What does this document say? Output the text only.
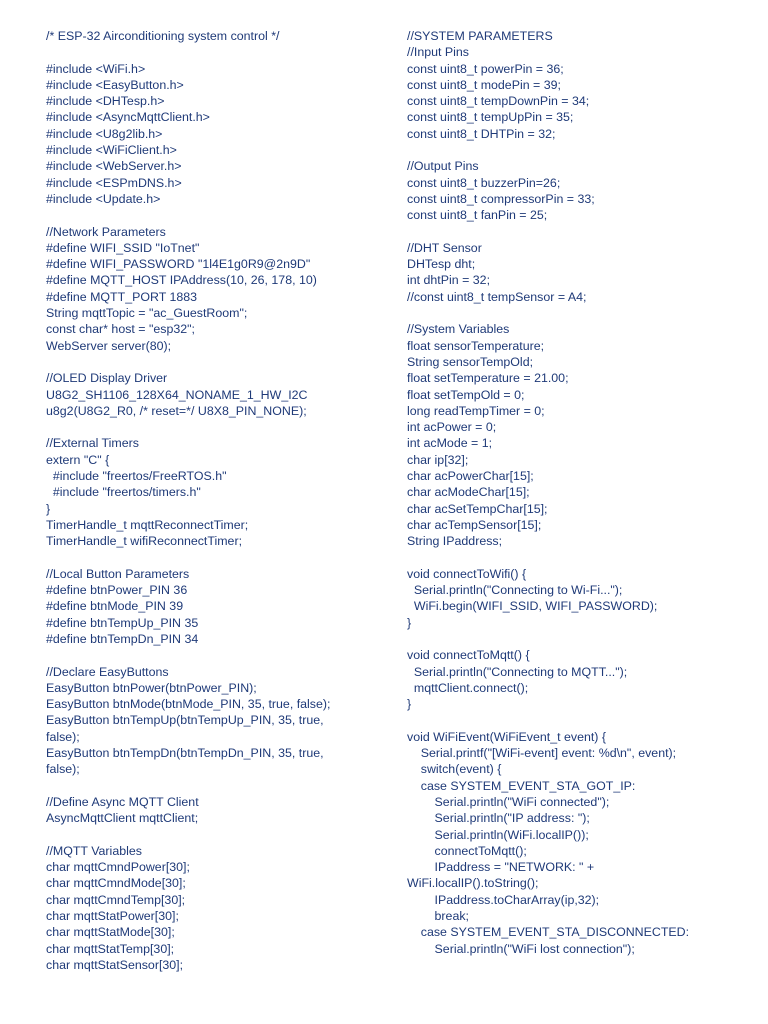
/* ESP-32 Airconditioning system control */

#include <WiFi.h>
#include <EasyButton.h>
#include <DHTesp.h>
#include <AsyncMqttClient.h>
#include <U8g2lib.h>
#include <WiFiClient.h>
#include <WebServer.h>
#include <ESPmDNS.h>
#include <Update.h>

//Network Parameters
#define WIFI_SSID "IoTnet"
#define WIFI_PASSWORD "1l4E1g0R9@2n9D"
#define MQTT_HOST IPAddress(10, 26, 178, 10)
#define MQTT_PORT 1883
String mqttTopic = "ac_GuestRoom";
const char* host = "esp32";
WebServer server(80);

//OLED Display Driver
U8G2_SH1106_128X64_NONAME_1_HW_I2C
u8g2(U8G2_R0, /* reset=*/ U8X8_PIN_NONE);

//External Timers
extern "C" {
#include "freertos/FreeRTOS.h"
#include "freertos/timers.h"
}
TimerHandle_t mqttReconnectTimer;
TimerHandle_t wifiReconnectTimer;

//Local Button Parameters
#define btnPower_PIN 36
#define btnMode_PIN 39
#define btnTempUp_PIN 35
#define btnTempDn_PIN 34

//Declare EasyButtons
EasyButton btnPower(btnPower_PIN);
EasyButton btnMode(btnMode_PIN, 35, true, false);
EasyButton btnTempUp(btnTempUp_PIN, 35, true,
false);
EasyButton btnTempDn(btnTempDn_PIN, 35, true,
false);

//Define Async MQTT Client
AsyncMqttClient mqttClient;

//MQTT Variables
char mqttCmndPower[30];
char mqttCmndMode[30];
char mqttCmndTemp[30];
char mqttStatPower[30];
char mqttStatMode[30];
char mqttStatTemp[30];
char mqttStatSensor[30];
//SYSTEM PARAMETERS
//Input Pins
const uint8_t powerPin = 36;
const uint8_t modePin = 39;
const uint8_t tempDownPin = 34;
const uint8_t tempUpPin = 35;
const uint8_t DHTPin = 32;

//Output Pins
const uint8_t buzzerPin=26;
const uint8_t compressorPin = 33;
const uint8_t fanPin = 25;

//DHT Sensor
DHTesp dht;
int dhtPin = 32;
//const uint8_t tempSensor = A4;

//System Variables
float sensorTemperature;
String sensorTempOld;
float setTemperature = 21.00;
float setTempOld = 0;
long readTempTimer = 0;
int acPower = 0;
int acMode = 1;
char ip[32];
char acPowerChar[15];
char acModeChar[15];
char acSetTempChar[15];
char acTempSensor[15];
String IPaddress;

void connectToWifi() {
Serial.println("Connecting to Wi-Fi...");
WiFi.begin(WIFI_SSID, WIFI_PASSWORD);
}

void connectToMqtt() {
Serial.println("Connecting to MQTT...");
mqttClient.connect();
}

void WiFiEvent(WiFiEvent_t event) {
Serial.printf("[WiFi-event] event: %d\n", event);
switch(event) {
case SYSTEM_EVENT_STA_GOT_IP:
Serial.println("WiFi connected");
Serial.println("IP address: ");
Serial.println(WiFi.localIP());
connectToMqtt();
IPaddress = "NETWORK: " +
WiFi.localIP().toString();
IPaddress.toCharArray(ip,32);
break;
case SYSTEM_EVENT_STA_DISCONNECTED:
Serial.println("WiFi lost connection");
